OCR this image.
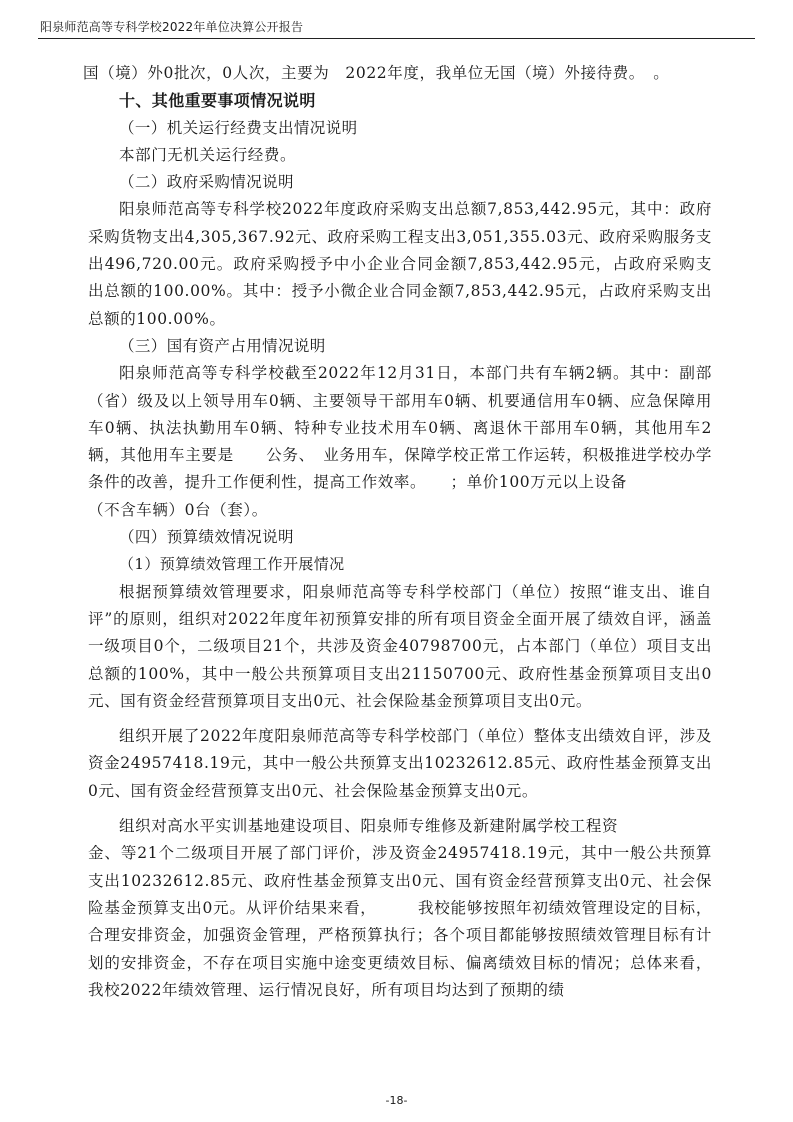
阳泉师范高等专科学校2022年单位决算公开报告

国（境）外0批次，0人次，主要为　2022年度，我单位无国（境）外接待费。　。

十、其他重要事项情况说明

（一）机关运行经费支出情况说明

本部门无机关运行经费。

（二）政府采购情况说明

阳泉师范高等专科学校2022年度政府采购支出总额7,853,442.95元，其中：政府采购货物支出4,305,367.92元、政府采购工程支出3,051,355.03元、政府采购服务支出496,720.00元。政府采购授予中小企业合同金额7,853,442.95元，占政府采购支出总额的100.00%。其中：授予小微企业合同金额7,853,442.95元，占政府采购支出总额的100.00%。

（三）国有资产占用情况说明

阳泉师范高等专科学校截至2022年12月31日，本部门共有车辆2辆。其中：副部（省）级及以上领导用车0辆、主要领导干部用车0辆、机要通信用车0辆、应急保障用车0辆、执法执勤用车0辆、特种专业技术用车0辆、离退休干部用车0辆，其他用车2辆，其他用车主要是　　公务、　业务用车，保障学校正常工作运转，积极推进学校办学条件的改善，提升工作便利性，提高工作效率。　　；单价100万元以上设备

（不含车辆）0台（套）。

（四）预算绩效情况说明

（1）预算绩效管理工作开展情况

根据预算绩效管理要求，阳泉师范高等专科学校部门（单位）按照“谁支出、谁自评”的原则，组织对2022年度年初预算安排的所有项目资金全面开展了绩效自评，涵盖一级项目0个，二级项目21个，共涉及资金40798700元，占本部门（单位）项目支出总额的100%，其中一般公共预算项目支出21150700元、政府性基金预算项目支出0元、国有资金经营预算项目支出0元、社会保险基金预算项目支出0元。

组织开展了2022年度阳泉师范高等专科学校部门（单位）整体支出绩效自评，涉及资金24957418.19元，其中一般公共预算支出10232612.85元、政府性基金预算支出0元、国有资金经营预算支出0元、社会保险基金预算支出0元。

组织对高水平实训基地建设项目、阳泉师专维修及新建附属学校工程资

金、等21个二级项目开展了部门评价，涉及资金24957418.19元，其中一般公共预算支出10232612.85元、政府性基金预算支出0元、国有资金经营预算支出0元、社会保险基金预算支出0元。从评价结果来看，　　　我校能够按照年初绩效管理设定的目标，合理安排资金，加强资金管理，严格预算执行；各个项目都能够按照绩效管理目标有计划的安排资金，不存在项目实施中途变更绩效目标、偏离绩效目标的情况；总体来看，我校2022年绩效管理、运行情况良好，所有项目均达到了预期的绩

-18-
